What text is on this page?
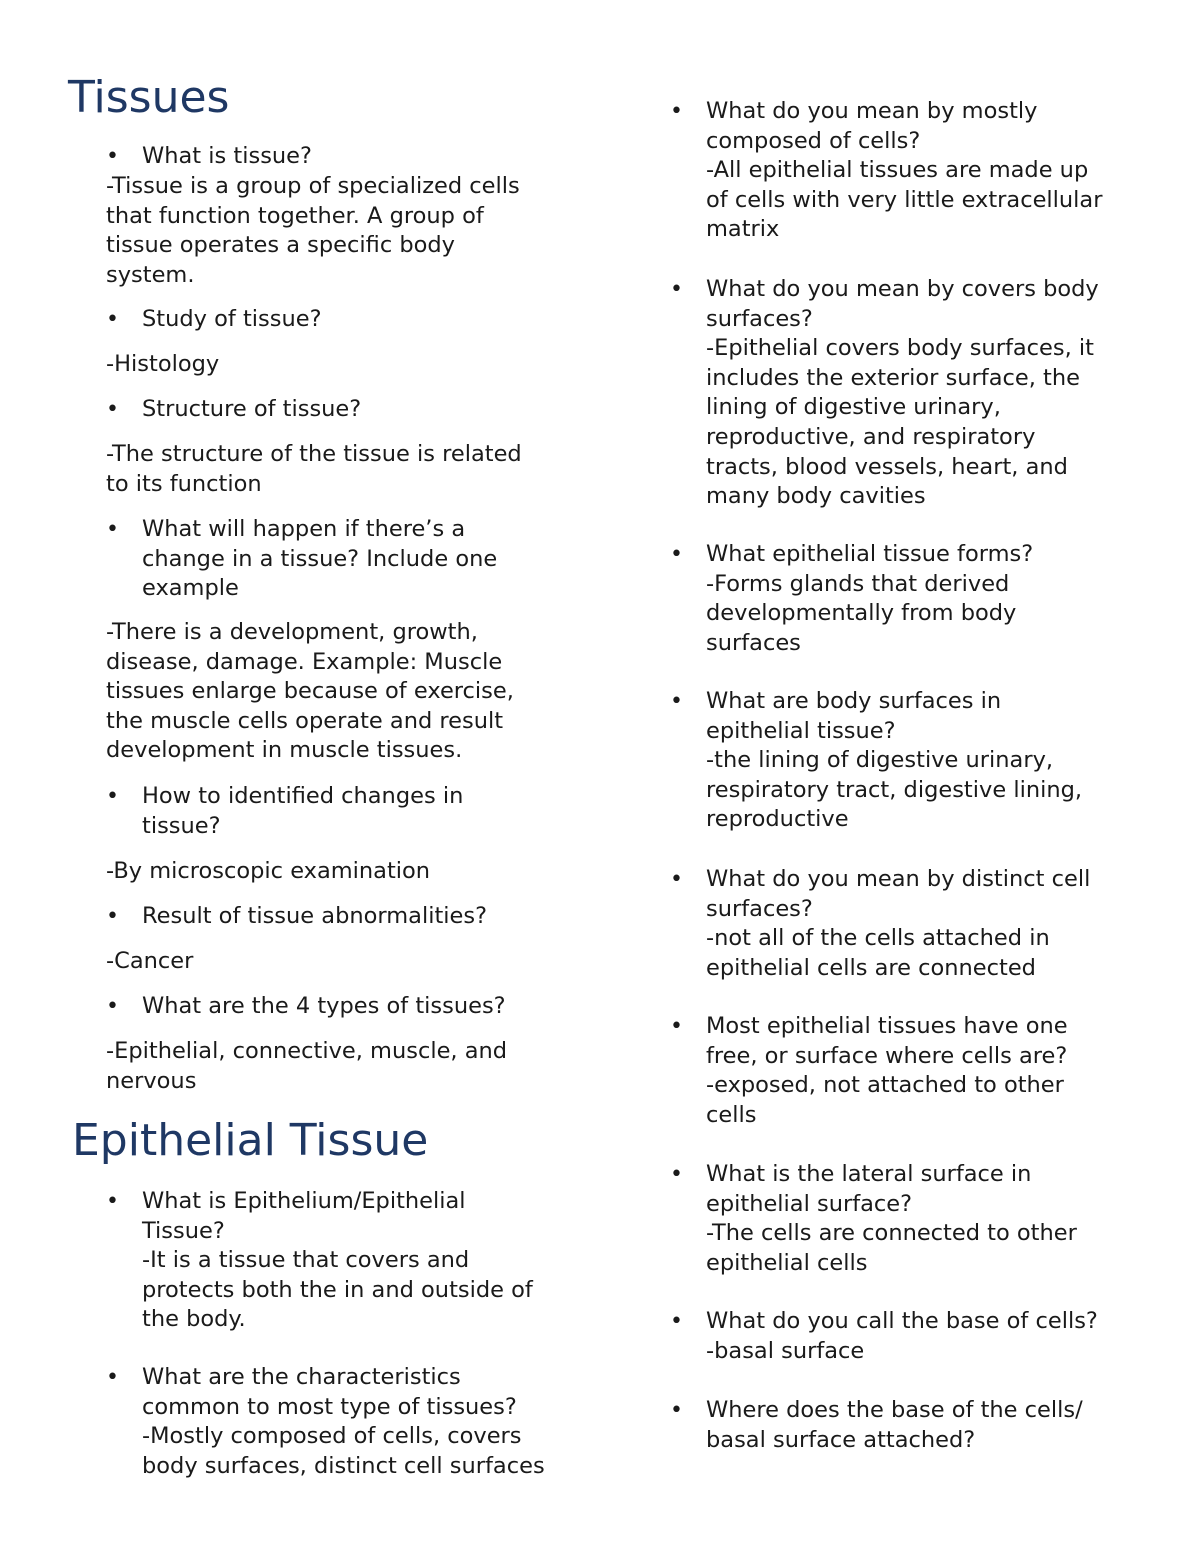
Tissues
• What is tissue?
-Tissue is a group of specialized cells
that function together. A group of
tissue operates a specific body
system.
• Study of tissue?
-Histology
• Structure of tissue?
-The structure of the tissue is related
to its function
• What will happen if there’s a
change in a tissue? Include one
example
-There is a development, growth,
disease, damage. Example: Muscle
tissues enlarge because of exercise,
the muscle cells operate and result
development in muscle tissues.
• How to identified changes in
tissue?
-By microscopic examination
• Result of tissue abnormalities?
-Cancer
• What are the 4 types of tissues?
-Epithelial, connective, muscle, and
nervous
Epithelial Tissue
• What is Epithelium/Epithelial
Tissue?
-It is a tissue that covers and
protects both the in and outside of
the body.
• What are the characteristics
common to most type of tissues?
-Mostly composed of cells, covers
body surfaces, distinct cell surfaces
• What do you mean by mostly
composed of cells?
-All epithelial tissues are made up
of cells with very little extracellular
matrix
• What do you mean by covers body
surfaces?
-Epithelial covers body surfaces, it
includes the exterior surface, the
lining of digestive urinary,
reproductive, and respiratory
tracts, blood vessels, heart, and
many body cavities
• What epithelial tissue forms?
-Forms glands that derived
developmentally from body
surfaces
• What are body surfaces in
epithelial tissue?
-the lining of digestive urinary,
respiratory tract, digestive lining,
reproductive
• What do you mean by distinct cell
surfaces?
-not all of the cells attached in
epithelial cells are connected
• Most epithelial tissues have one
free, or surface where cells are?
-exposed, not attached to other
cells
• What is the lateral surface in
epithelial surface?
-The cells are connected to other
epithelial cells
• What do you call the base of cells?
-basal surface
• Where does the base of the cells/
basal surface attached?
